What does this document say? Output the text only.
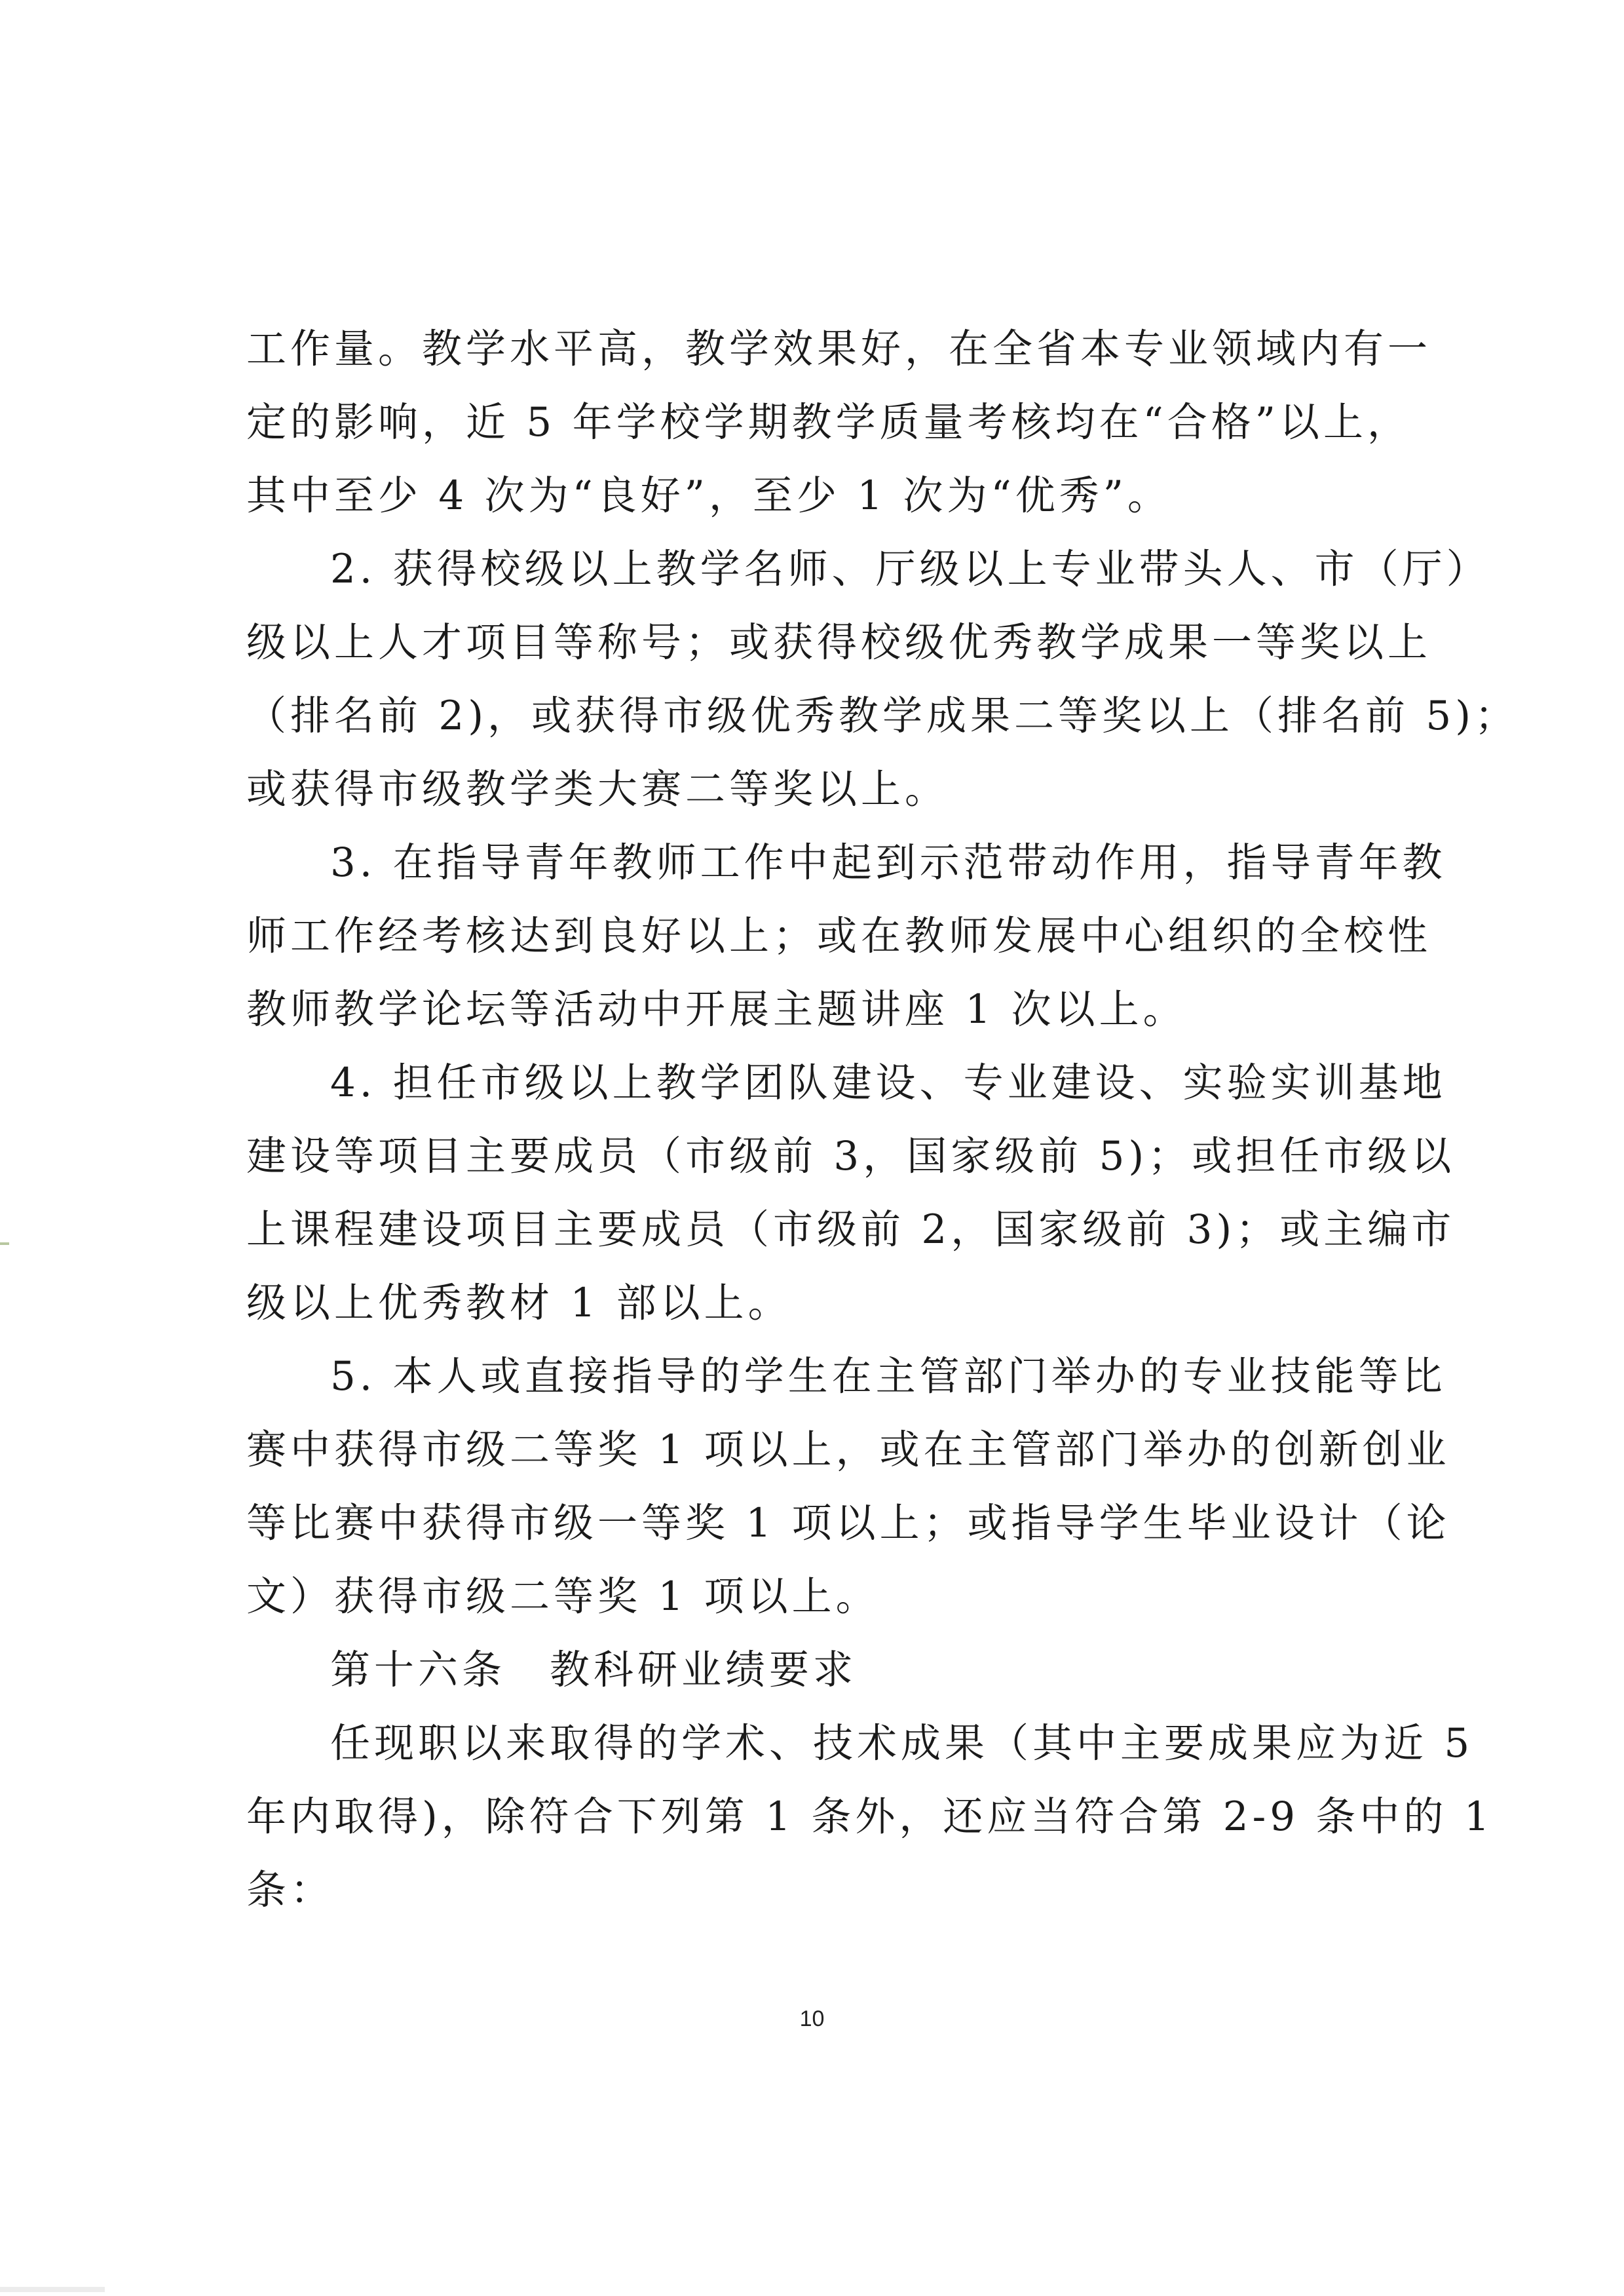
工作量。教学水平高，教学效果好，在全省本专业领域内有一
定的影响，近 5 年学校学期教学质量考核均在“合格”以上，
其中至少 4 次为“良好”，至少 1 次为“优秀”。
2. 获得校级以上教学名师、厅级以上专业带头人、市（厅）
级以上人才项目等称号；或获得校级优秀教学成果一等奖以上
（排名前 2)，或获得市级优秀教学成果二等奖以上（排名前 5)；
或获得市级教学类大赛二等奖以上。
3. 在指导青年教师工作中起到示范带动作用，指导青年教
师工作经考核达到良好以上；或在教师发展中心组织的全校性
教师教学论坛等活动中开展主题讲座 1 次以上。
4. 担任市级以上教学团队建设、专业建设、实验实训基地
建设等项目主要成员（市级前 3，国家级前 5)；或担任市级以
上课程建设项目主要成员（市级前 2，国家级前 3)；或主编市
级以上优秀教材 1 部以上。
5. 本人或直接指导的学生在主管部门举办的专业技能等比
赛中获得市级二等奖 1 项以上，或在主管部门举办的创新创业
等比赛中获得市级一等奖 1 项以上；或指导学生毕业设计（论
文）获得市级二等奖 1 项以上。
第十六条　教科研业绩要求
任现职以来取得的学术、技术成果（其中主要成果应为近 5
年内取得)，除符合下列第 1 条外，还应当符合第 2-9 条中的 1
条：
10
